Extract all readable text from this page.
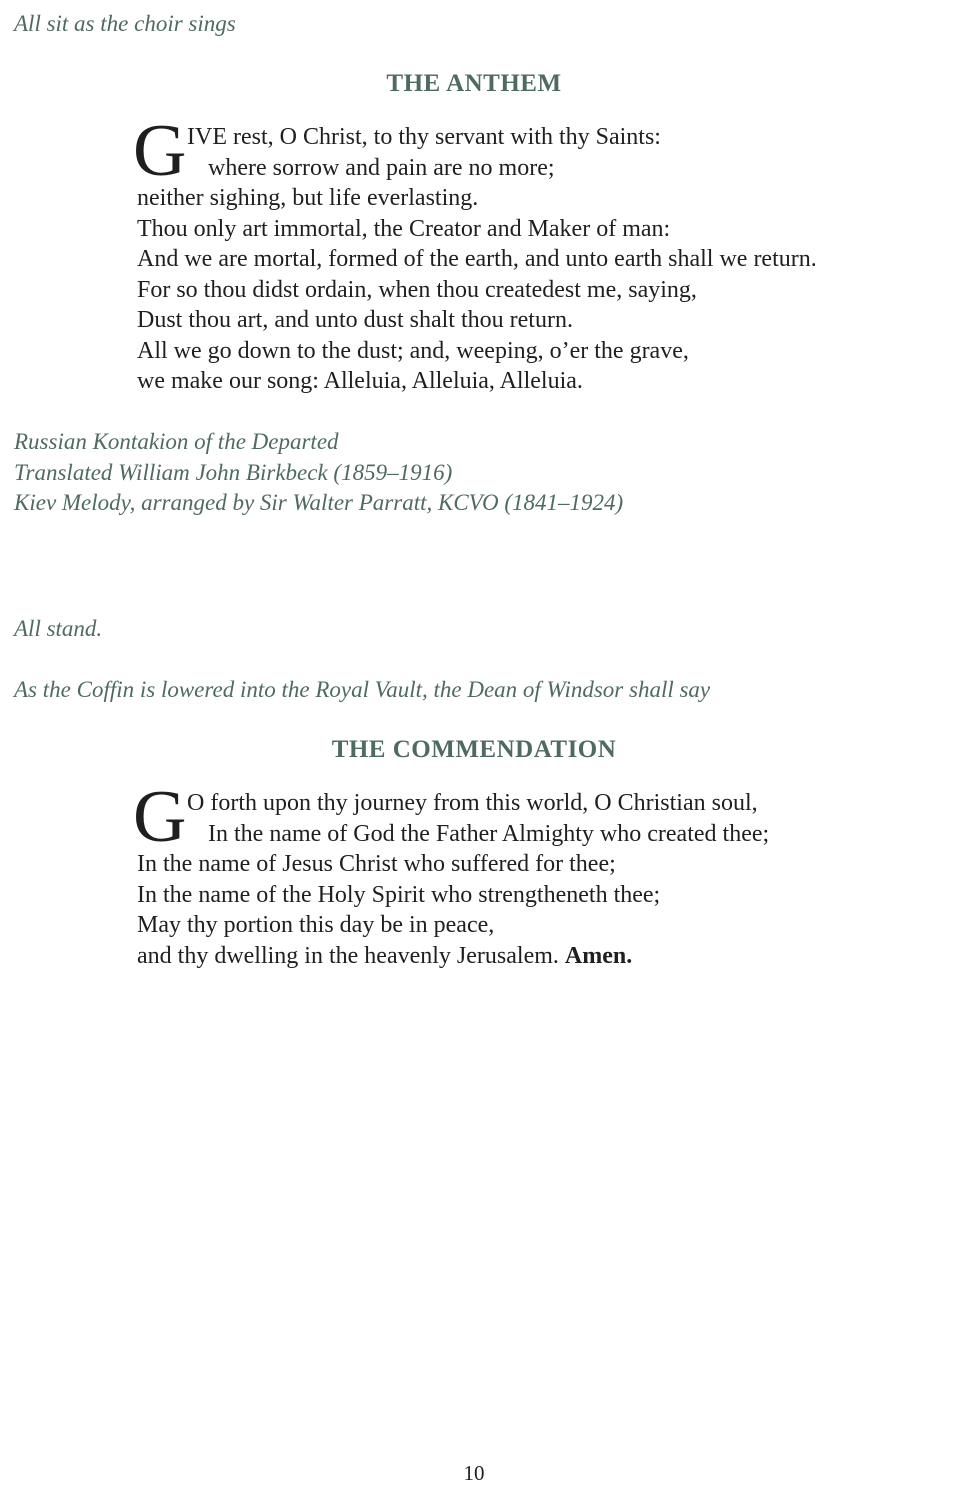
All sit as the choir sings
THE ANTHEM
G IVE rest, O Christ, to thy servant with thy Saints:
where sorrow and pain are no more;
neither sighing, but life everlasting.
Thou only art immortal, the Creator and Maker of man:
And we are mortal, formed of the earth, and unto earth shall we return.
For so thou didst ordain, when thou createdest me, saying,
Dust thou art, and unto dust shalt thou return.
All we go down to the dust; and, weeping, o’er the grave,
we make our song: Alleluia, Alleluia, Alleluia.
Russian Kontakion of the Departed
Translated William John Birkbeck (1859–1916)
Kiev Melody, arranged by Sir Walter Parratt, KCVO (1841–1924)
All stand.
As the Coffin is lowered into the Royal Vault, the Dean of Windsor shall say
THE COMMENDATION
G O forth upon thy journey from this world, O Christian soul,
In the name of God the Father Almighty who created thee;
In the name of Jesus Christ who suffered for thee;
In the name of the Holy Spirit who strengtheneth thee;
May thy portion this day be in peace,
and thy dwelling in the heavenly Jerusalem. Amen.
10
